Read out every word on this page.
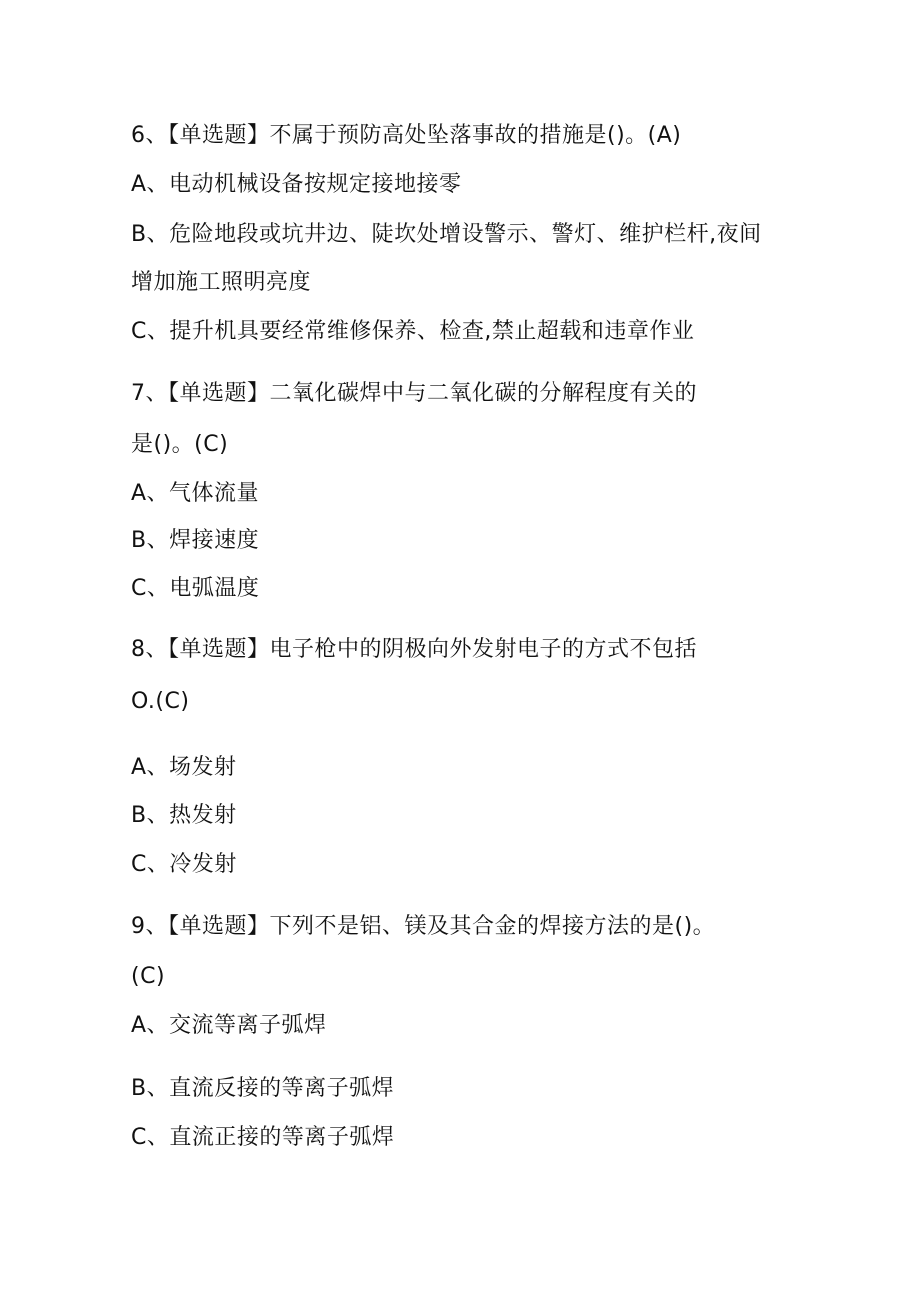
6、【单选题】不属于预防高处坠落事故的措施是()。(A)
A、电动机械设备按规定接地接零
B、危险地段或坑井边、陡坎处增设警示、警灯、维护栏杆,夜间
增加施工照明亮度
C、提升机具要经常维修保养、检查,禁止超载和违章作业
7、【单选题】二氧化碳焊中与二氧化碳的分解程度有关的
是()。(C)
A、气体流量
B、焊接速度
C、电弧温度
8、【单选题】电子枪中的阴极向外发射电子的方式不包括
O.(C)
A、场发射
B、热发射
C、冷发射
9、【单选题】下列不是铝、镁及其合金的焊接方法的是()。
(C)
A、交流等离子弧焊
B、直流反接的等离子弧焊
C、直流正接的等离子弧焊
